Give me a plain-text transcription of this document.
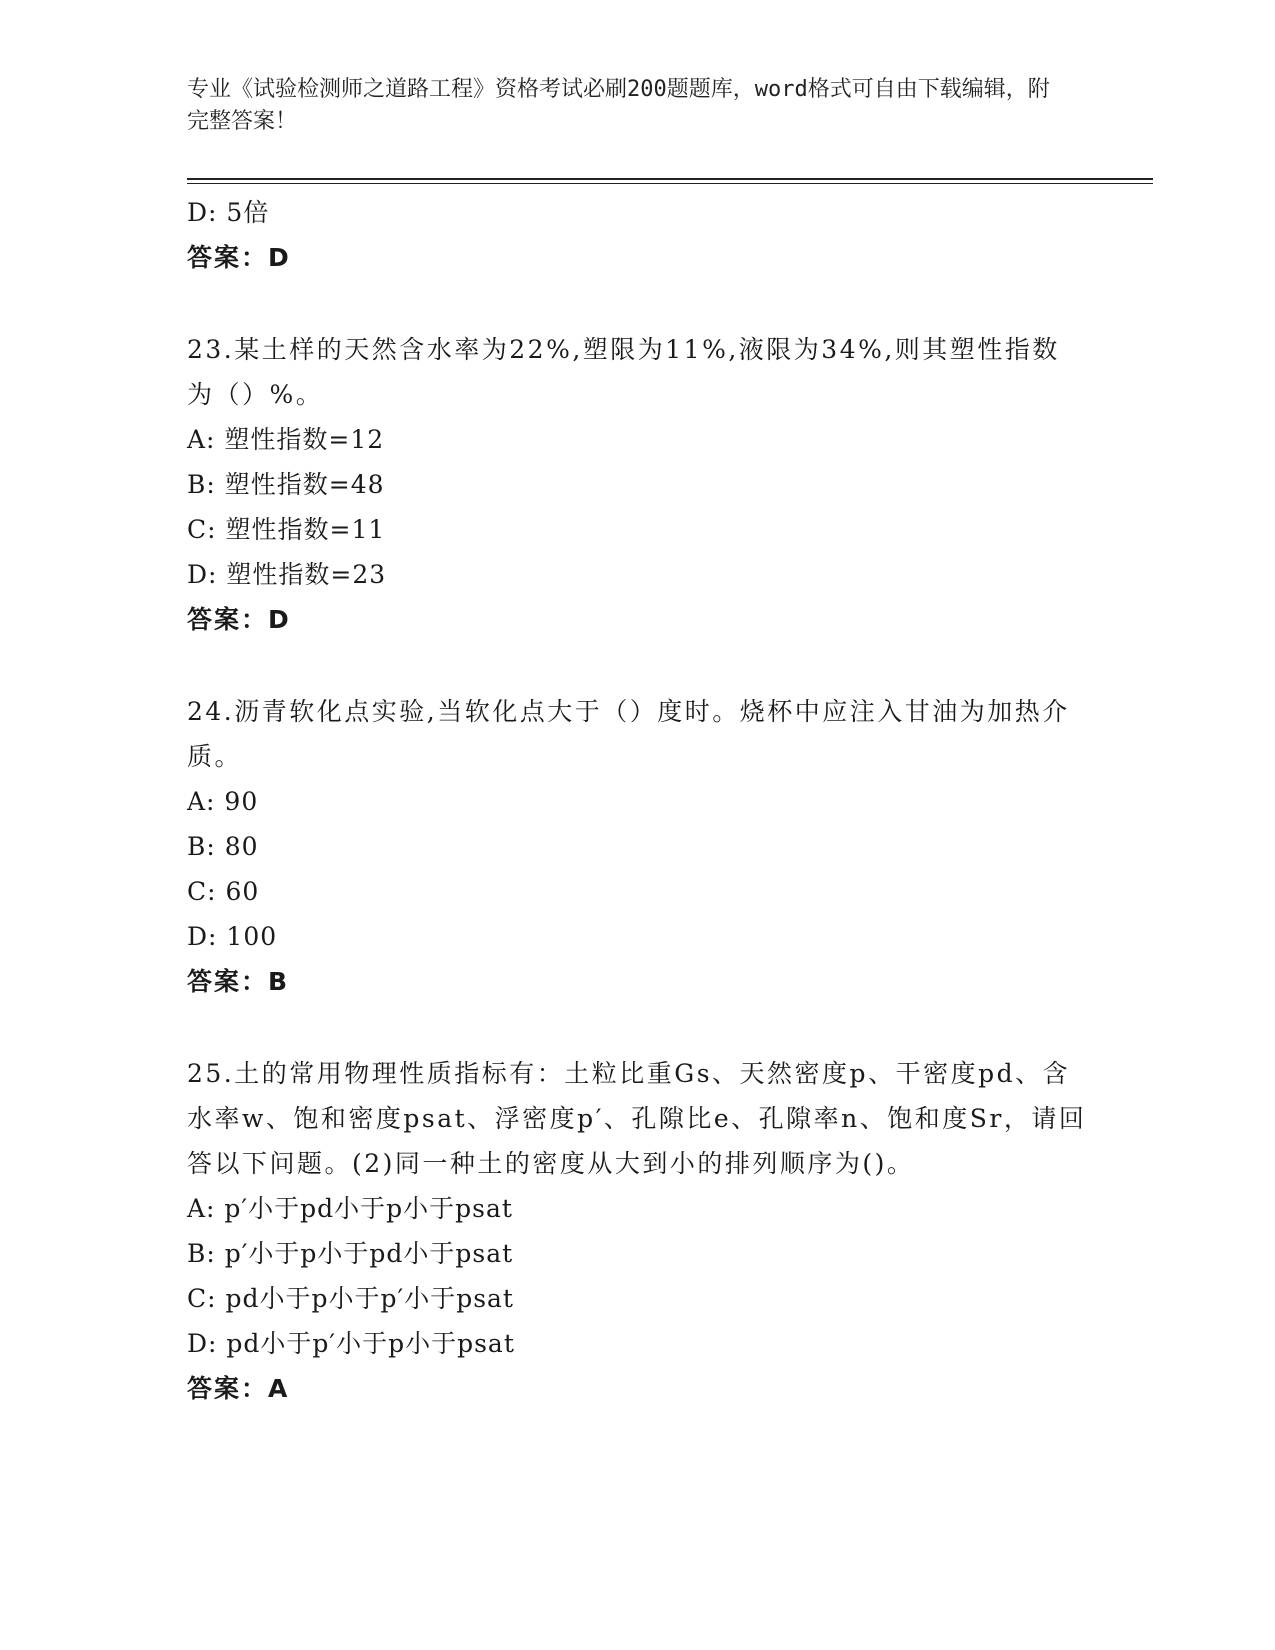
专业《试验检测师之道路工程》资格考试必刷200题题库，word格式可自由下载编辑，附完整答案！
D: 5倍
答案：D
23.某土样的天然含水率为22%,塑限为11%,液限为34%,则其塑性指数为（）%。
A: 塑性指数=12
B: 塑性指数=48
C: 塑性指数=11
D: 塑性指数=23
答案：D
24.沥青软化点实验,当软化点大于（）度时。烧杯中应注入甘油为加热介质。
A: 90
B: 80
C: 60
D: 100
答案：B
25.土的常用物理性质指标有：土粒比重Gs、天然密度p、干密度pd、含水率w、饱和密度psat、浮密度p′、孔隙比e、孔隙率n、饱和度Sr，请回答以下问题。(2)同一种土的密度从大到小的排列顺序为()。
A: p′小于pd小于p小于psat
B: p′小于p小于pd小于psat
C: pd小于p小于p′小于psat
D: pd小于p′小于p小于psat
答案：A
